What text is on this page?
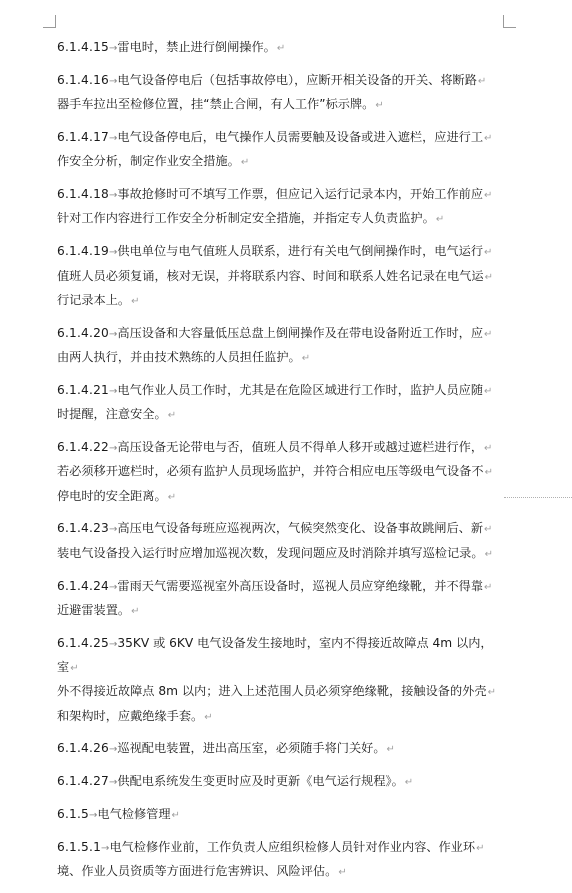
6.1.4.15→雷电时，禁止进行倒闸操作。↵

6.1.4.16→电气设备停电后（包括事故停电），应断开相关设备的开关、将断路↵
器手车拉出至检修位置，挂“禁止合闸，有人工作”标示牌。↵

6.1.4.17→电气设备停电后，电气操作人员需要触及设备或进入遮栏，应进行工↵
作安全分析，制定作业安全措施。↵

6.1.4.18→事故抢修时可不填写工作票，但应记入运行记录本内，开始工作前应↵
针对工作内容进行工作安全分析制定安全措施，并指定专人负责监护。↵

6.1.4.19→供电单位与电气值班人员联系，进行有关电气倒闸操作时，电气运行↵
值班人员必须复诵，核对无误，并将联系内容、时间和联系人姓名记录在电气运↵
行记录本上。↵

6.1.4.20→高压设备和大容量低压总盘上倒闸操作及在带电设备附近工作时，应↵
由两人执行，并由技术熟练的人员担任监护。↵

6.1.4.21→电气作业人员工作时，尤其是在危险区域进行工作时，监护人员应随↵
时提醒，注意安全。↵

6.1.4.22→高压设备无论带电与否，值班人员不得单人移开或越过遮栏进行作，↵
若必须移开遮栏时，必须有监护人员现场监护，并符合相应电压等级电气设备不↵
停电时的安全距离。↵

6.1.4.23→高压电气设备每班应巡视两次，气候突然变化、设备事故跳闸后、新↵
装电气设备投入运行时应增加巡视次数，发现问题应及时消除并填写巡检记录。↵

6.1.4.24→雷雨天气需要巡视室外高压设备时，巡视人员应穿绝缘靴，并不得靠↵
近避雷装置。↵

6.1.4.25→35KV 或 6KV 电气设备发生接地时，室内不得接近故障点 4m 以内，室↵
外不得接近故障点 8m 以内；进入上述范围人员必须穿绝缘靴，接触设备的外壳↵
和架构时，应戴绝缘手套。↵

6.1.4.26→巡视配电装置，进出高压室，必须随手将门关好。↵

6.1.4.27→供配电系统发生变更时应及时更新《电气运行规程》。↵

6.1.5→电气检修管理↵

6.1.5.1→电气检修作业前，工作负责人应组织检修人员针对作业内容、作业环↵
境、作业人员资质等方面进行危害辨识、风险评估。↵
